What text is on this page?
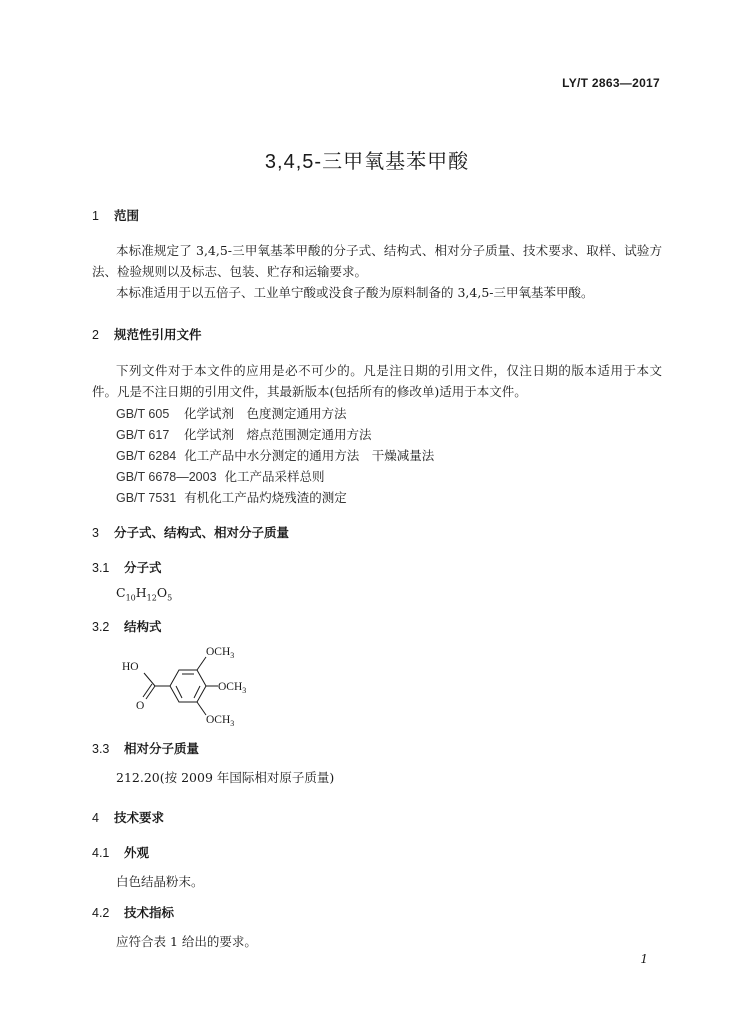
LY/T 2863—2017
3,4,5-三甲氧基苯甲酸
1 范围
本标准规定了 3,4,5-三甲氧基苯甲酸的分子式、结构式、相对分子质量、技术要求、取样、试验方法、检验规则以及标志、包装、贮存和运输要求。
本标准适用于以五倍子、工业单宁酸或没食子酸为原料制备的 3,4,5-三甲氧基苯甲酸。
2 规范性引用文件
下列文件对于本文件的应用是必不可少的。凡是注日期的引用文件，仅注日期的版本适用于本文件。凡是不注日期的引用文件，其最新版本(包括所有的修改单)适用于本文件。
GB/T 605 化学试剂　色度测定通用方法
GB/T 617 化学试剂　熔点范围测定通用方法
GB/T 6284 化工产品中水分测定的通用方法　干燥减量法
GB/T 6678—2003 化工产品采样总则
GB/T 7531 有机化工产品灼烧残渣的测定
3 分子式、结构式、相对分子质量
3.1 分子式
$C_{10}H_{12}O_5$
3.2 结构式
HO
O
$OCH_3$
$OCH_3$
$OCH_3$
3.3 相对分子质量
212.20(按 2009 年国际相对原子质量)
4 技术要求
4.1 外观
白色结晶粉末。
4.2 技术指标
应符合表 1 给出的要求。
1
